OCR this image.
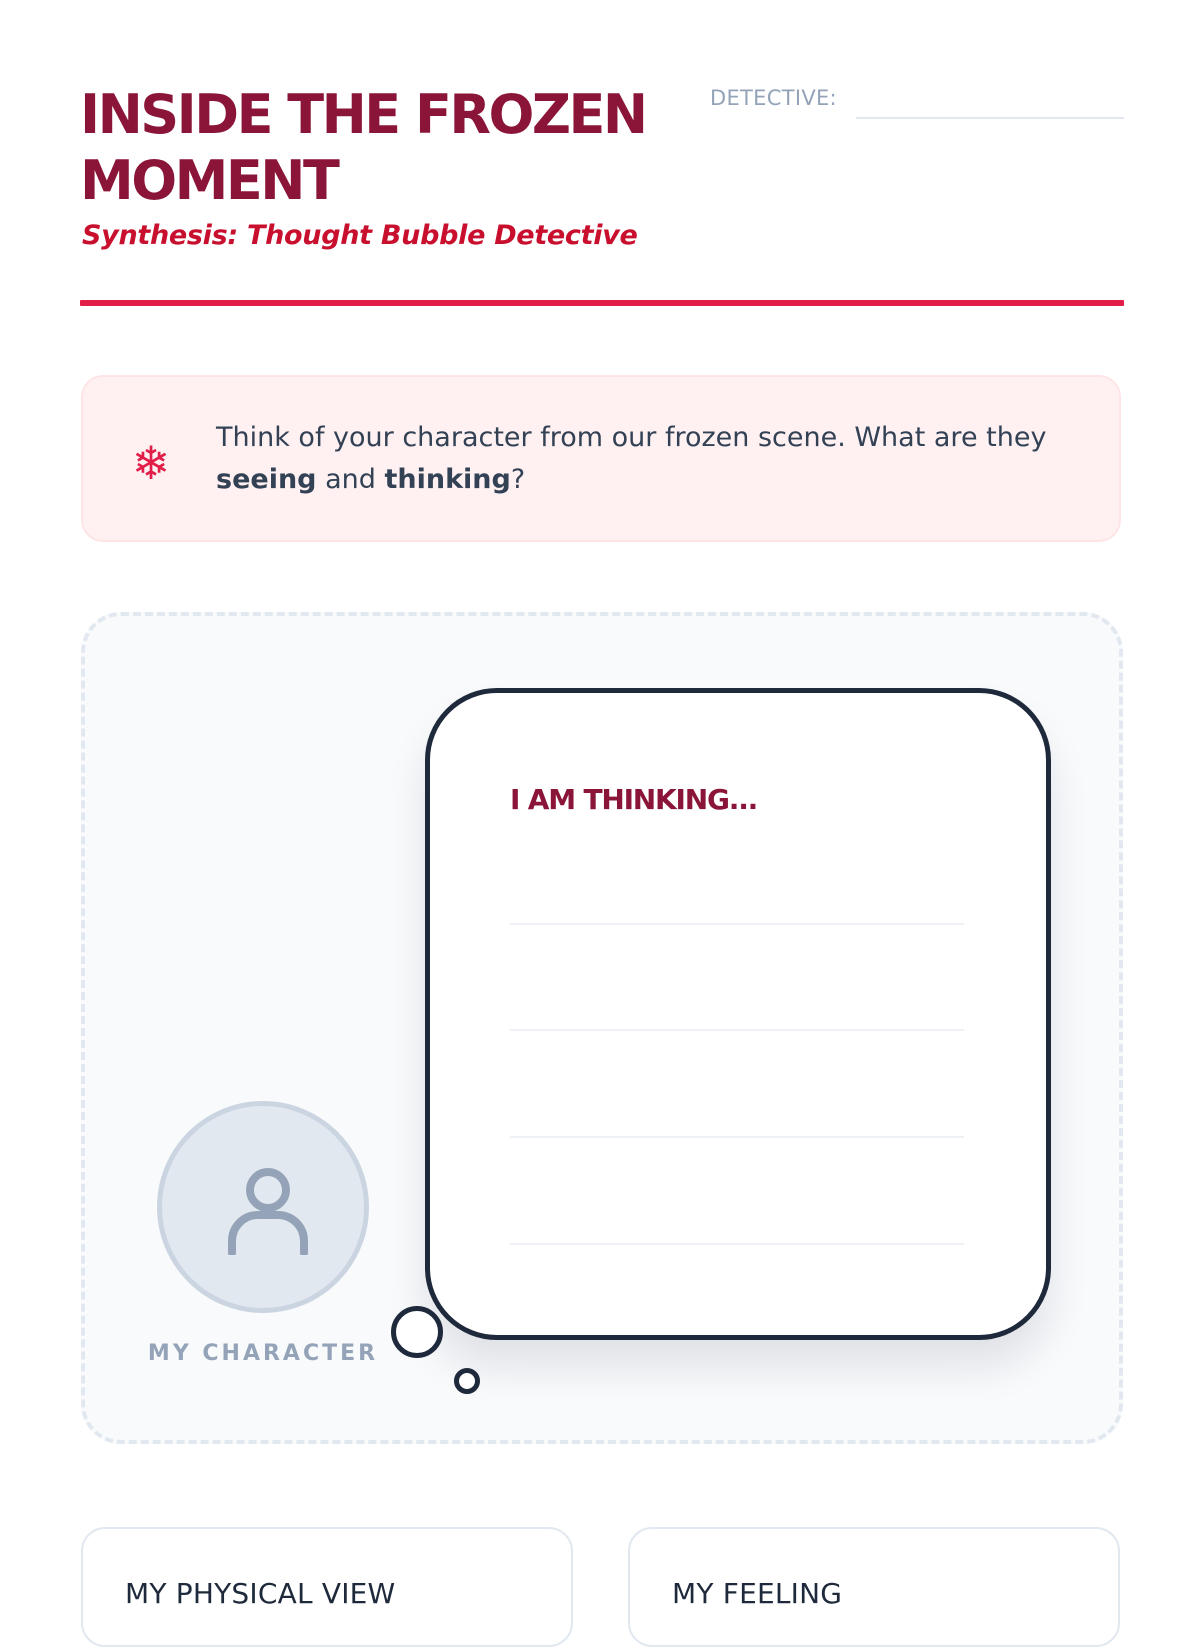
INSIDE THE FROZEN MOMENT
Synthesis: Thought Bubble Detective
DETECTIVE:
❄ Think of your character from our frozen scene. What are they seeing and thinking?
MY CHARACTER
I AM THINKING...
MY PHYSICAL VIEW	MY FEELING
